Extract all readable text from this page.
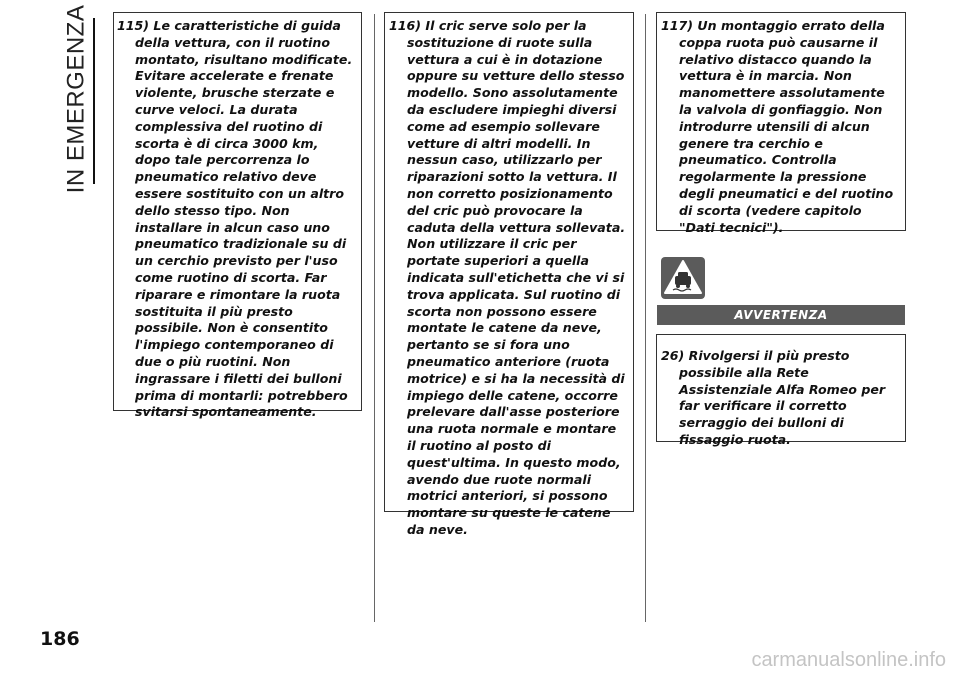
IN EMERGENZA 115) Le caratteristiche di guida della vettura, con il ruotino montato, risultano modificate. Evitare accelerate e frenate violente, brusche sterzate e curve veloci. La durata complessiva del ruotino di scorta è di circa 3000 km, dopo tale percorrenza lo pneumatico relativo deve essere sostituito con un altro dello stesso tipo. Non installare in alcun caso uno pneumatico tradizionale su di un cerchio previsto per l'uso come ruotino di scorta. Far riparare e rimontare la ruota sostituita il più presto possibile. Non è consentito l'impiego contemporaneo di due o più ruotini. Non ingrassare i filetti dei bulloni prima di montarli: potrebbero svitarsi spontaneamente.

116) Il cric serve solo per la sostituzione di ruote sulla vettura a cui è in dotazione oppure su vetture dello stesso modello. Sono assolutamente da escludere impieghi diversi come ad esempio sollevare vetture di altri modelli. In nessun caso, utilizzarlo per riparazioni sotto la vettura. Il non corretto posizionamento del cric può provocare la caduta della vettura sollevata. Non utilizzare il cric per portate superiori a quella indicata sull'etichetta che vi si trova applicata. Sul ruotino di scorta non possono essere montate le catene da neve, pertanto se si fora uno pneumatico anteriore (ruota motrice) e si ha la necessità di impiego delle catene, occorre prelevare dall'asse posteriore una ruota normale e montare il ruotino al posto di quest'ultima. In questo modo, avendo due ruote normali motrici anteriori, si possono montare su queste le catene da neve.

117) Un montaggio errato della coppa ruota può causarne il relativo distacco quando la vettura è in marcia. Non manomettere assolutamente la valvola di gonfiaggio. Non introdurre utensili di alcun genere tra cerchio e pneumatico. Controlla regolarmente la pressione degli pneumatici e del ruotino di scorta (vedere capitolo "Dati tecnici").

AVVERTENZA

26) Rivolgersi il più presto possibile alla Rete Assistenziale Alfa Romeo per far verificare il corretto serraggio dei bulloni di fissaggio ruota.

186
carmanualsonline.info
